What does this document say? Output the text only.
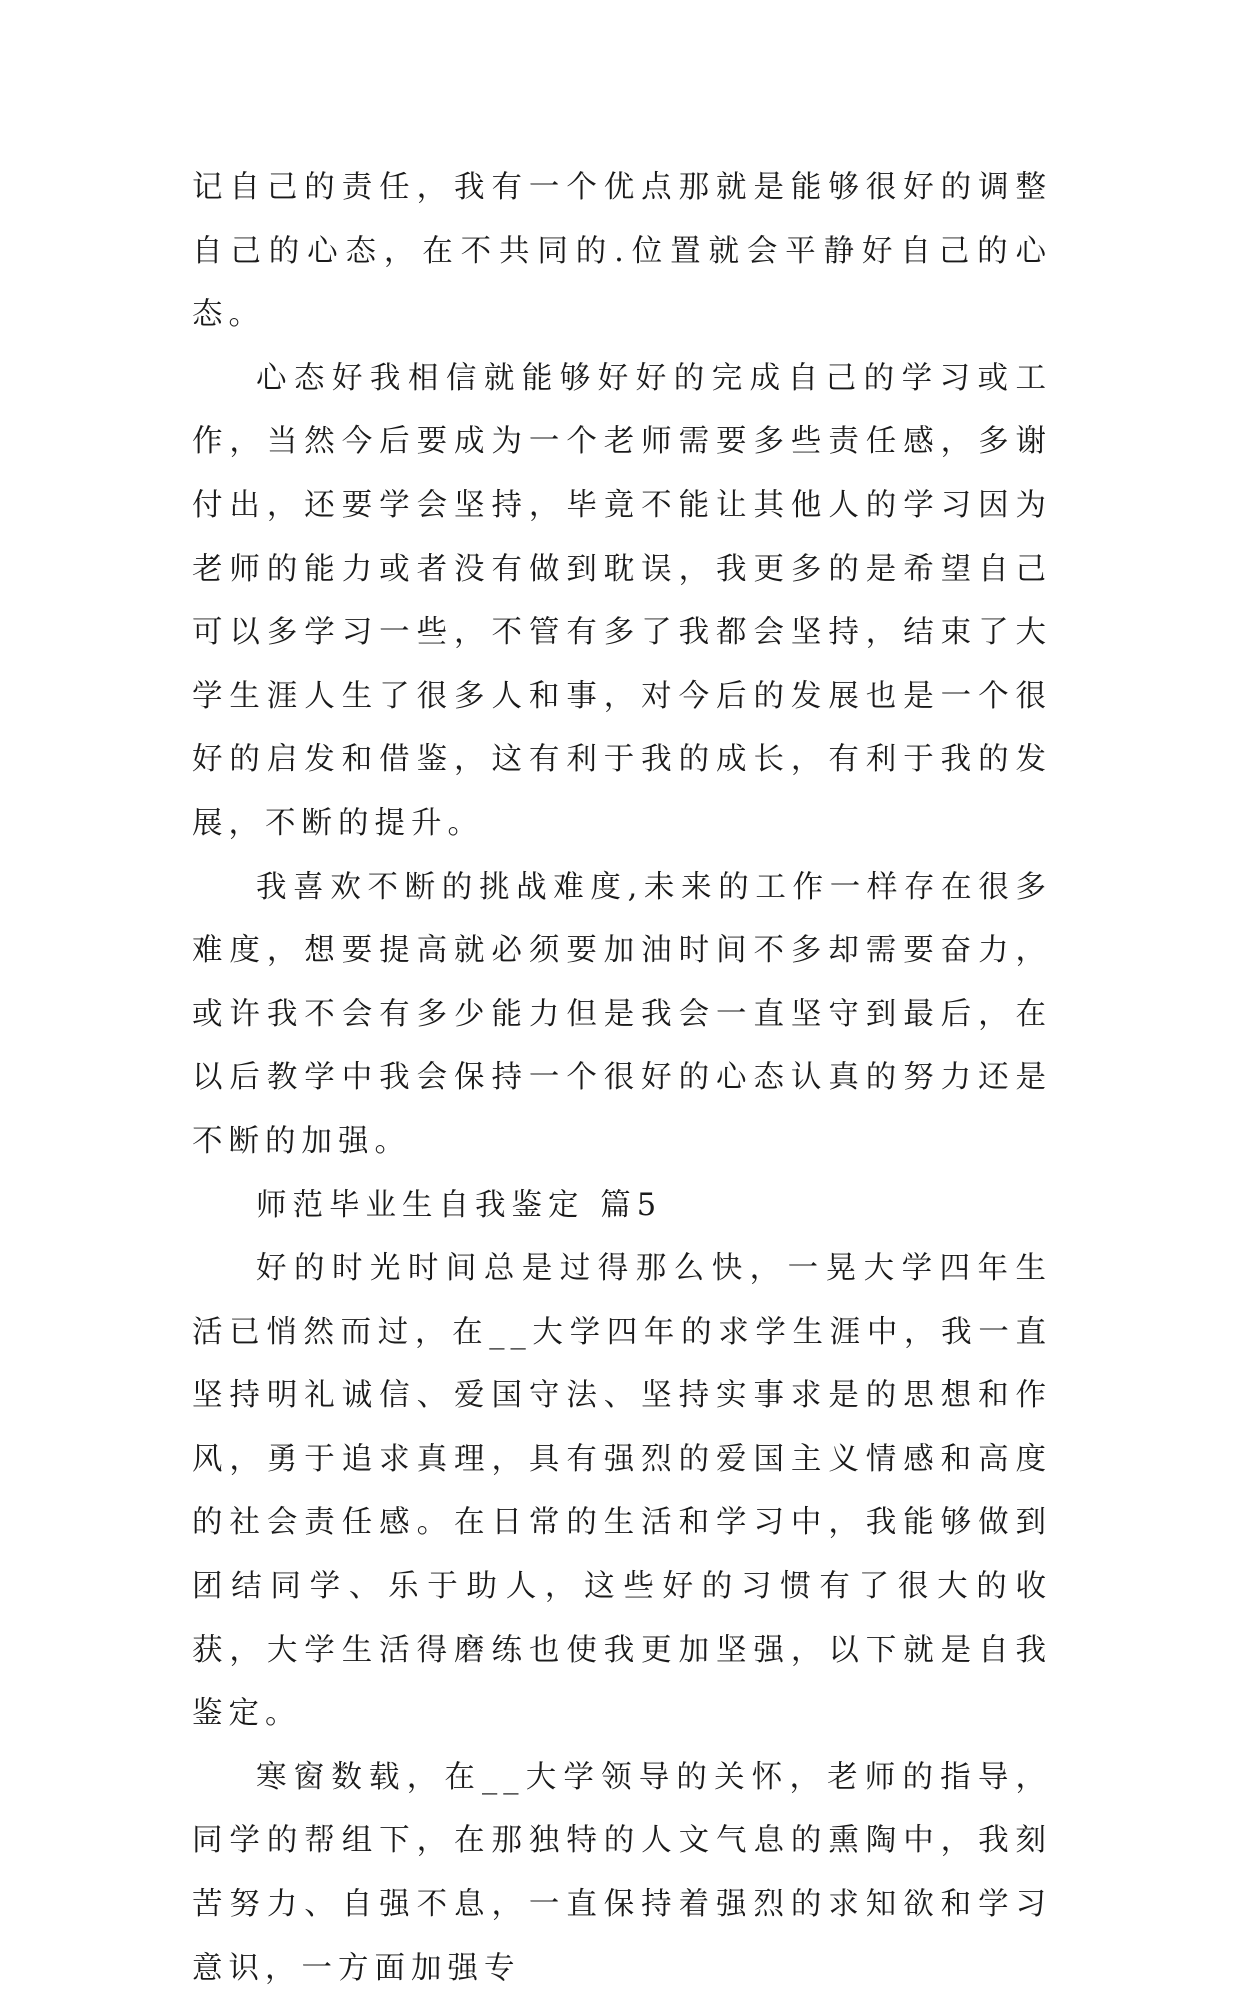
记自己的责任，我有一个优点那就是能够很好的调整自己的心态，在不共同的.位置就会平静好自己的心态。

心态好我相信就能够好好的完成自己的学习或工作，当然今后要成为一个老师需要多些责任感，多谢付出，还要学会坚持，毕竟不能让其他人的学习因为老师的能力或者没有做到耽误，我更多的是希望自己可以多学习一些，不管有多了我都会坚持，结束了大学生涯人生了很多人和事，对今后的发展也是一个很好的启发和借鉴，这有利于我的成长，有利于我的发展，不断的提升。

我喜欢不断的挑战难度,未来的工作一样存在很多难度，想要提高就必须要加油时间不多却需要奋力，或许我不会有多少能力但是我会一直坚守到最后，在以后教学中我会保持一个很好的心态认真的努力还是不断的加强。

师范毕业生自我鉴定 篇5

好的时光时间总是过得那么快，一晃大学四年生活已悄然而过，在__大学四年的求学生涯中，我一直坚持明礼诚信、爱国守法、坚持实事求是的思想和作风，勇于追求真理，具有强烈的爱国主义情感和高度的社会责任感。在日常的生活和学习中，我能够做到团结同学、乐于助人，这些好的习惯有了很大的收获，大学生活得磨练也使我更加坚强，以下就是自我鉴定。

寒窗数载，在__大学领导的关怀，老师的指导，同学的帮组下，在那独特的人文气息的熏陶中，我刻苦努力、自强不息，一直保持着强烈的求知欲和学习意识，一方面加强专
